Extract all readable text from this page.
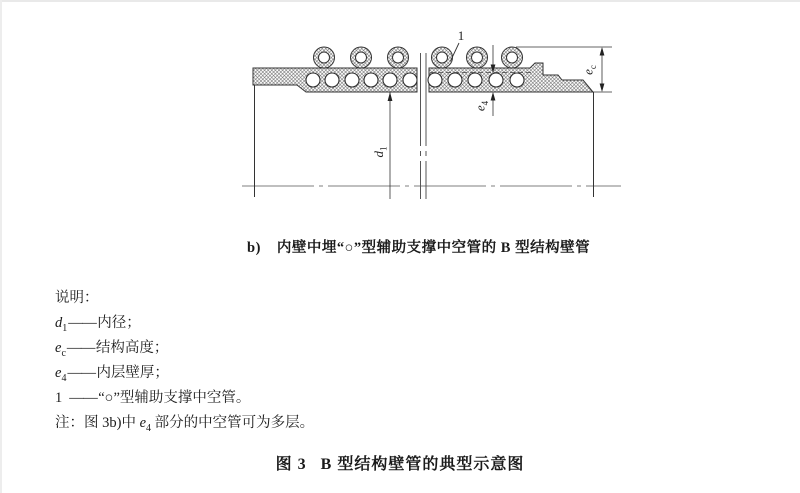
$d_1$
$e_4$
$e_c$
1
b) 内壁中埋“○”型辅助支撑中空管的 B 型结构壁管
说明：
$d_1——$内径；
$e_c——$结构高度；
$e_4——$内层壁厚；
1 ——“○”型辅助支撑中空管。
注：图 3b)中 $e_4$ 部分的中空管可为多层。
图 3 B 型结构壁管的典型示意图
